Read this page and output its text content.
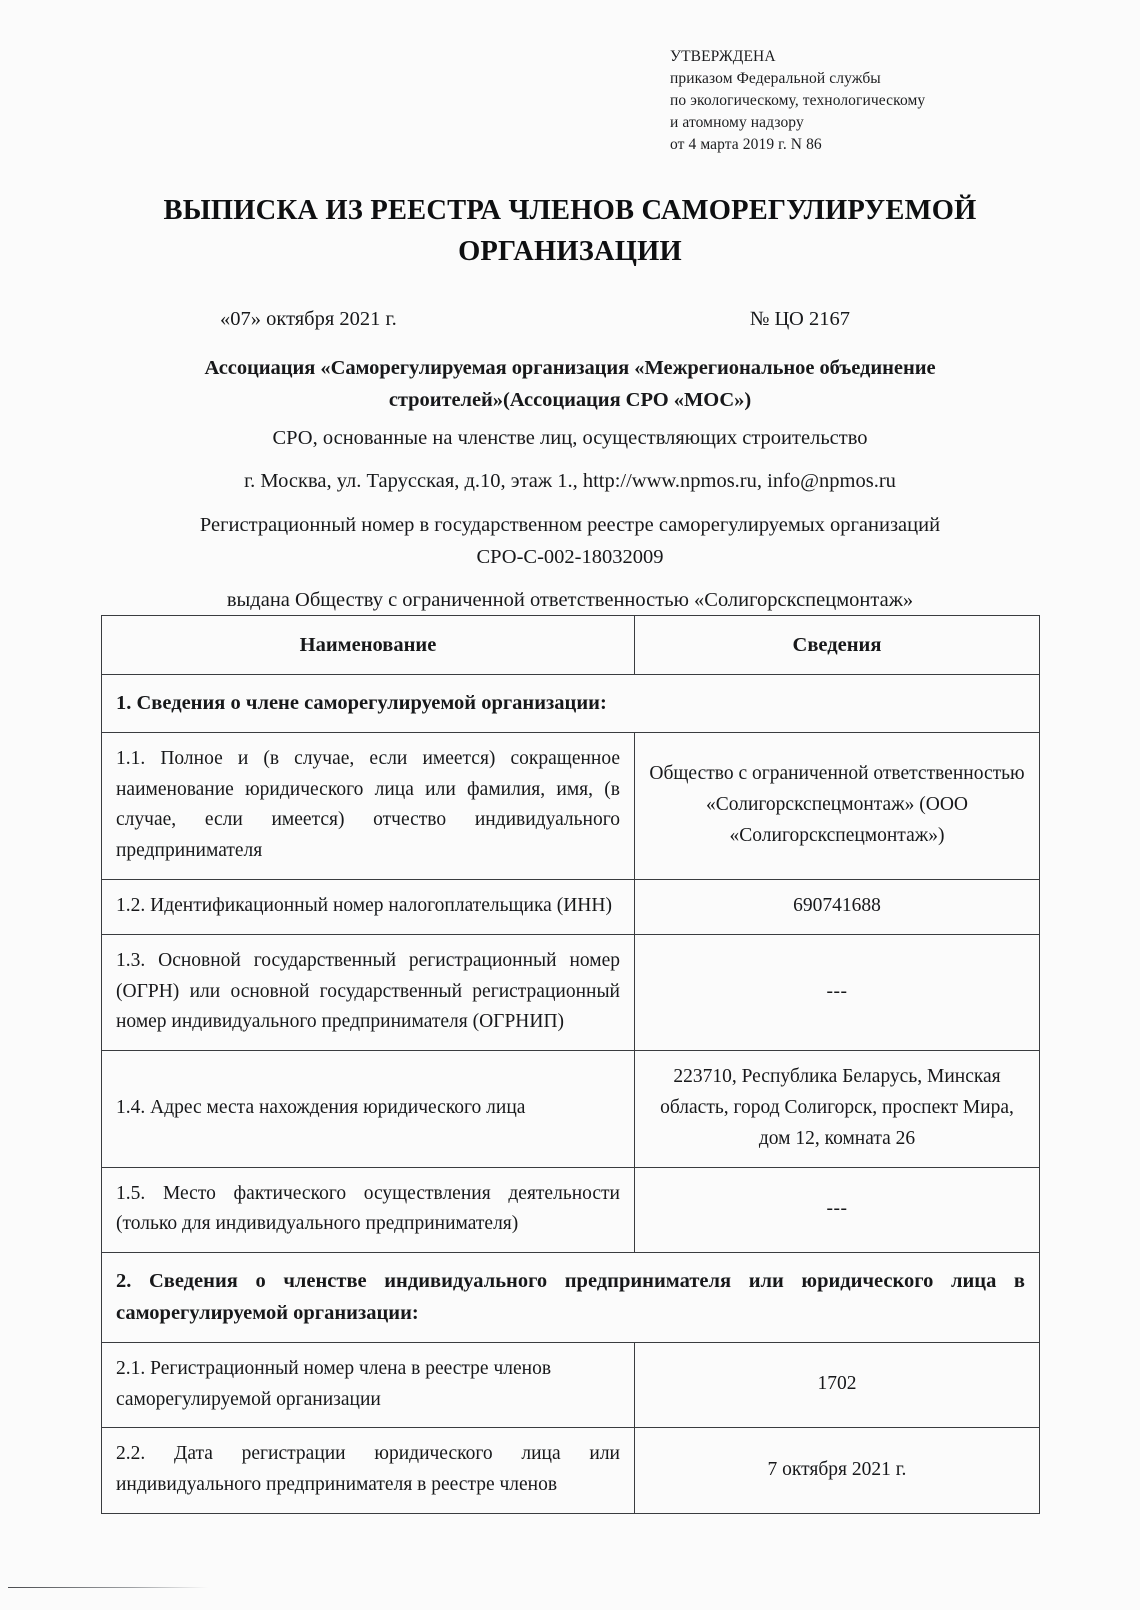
УТВЕРЖДЕНА
приказом Федеральной службы
по экологическому, технологическому
и атомному надзору
от 4 марта 2019 г. N 86
ВЫПИСКА ИЗ РЕЕСТРА ЧЛЕНОВ САМОРЕГУЛИРУЕМОЙ ОРГАНИЗАЦИИ
«07» октября 2021 г.	№ ЦО 2167
Ассоциация «Саморегулируемая организация «Межрегиональное объединение строителей»(Ассоциация СРО «МОС»)
СРО, основанные на членстве лиц, осуществляющих строительство
г. Москва, ул. Тарусская, д.10, этаж 1., http://www.npmos.ru, info@npmos.ru
Регистрационный номер в государственном реестре саморегулируемых организаций
СРО-С-002-18032009
выдана Обществу с ограниченной ответственностью «Солигорскспецмонтаж»
Наименование	Сведения
1. Сведения о члене саморегулируемой организации:	
1.1. Полное и (в случае, если имеется) сокращенное наименование юридического лица или фамилия, имя, (в случае, если имеется) отчество индивидуального предпринимателя	Общество с ограниченной ответственностью «Солигорскспецмонтаж» (ООО «Солигорскспецмонтаж»)
1.2. Идентификационный номер налогоплательщика (ИНН)	690741688
1.3. Основной государственный регистрационный номер (ОГРН) или основной государственный регистрационный номер индивидуального предпринимателя (ОГРНИП)	---
1.4. Адрес места нахождения юридического лица	223710, Республика Беларусь, Минская область, город Солигорск, проспект Мира, дом 12, комната 26
1.5. Место фактического осуществления деятельности (только для индивидуального предпринимателя)	---
2. Сведения о членстве индивидуального предпринимателя или юридического лица в саморегулируемой организации:	
2.1. Регистрационный номер члена в реестре членов саморегулируемой организации	1702
2.2. Дата регистрации юридического лица или индивидуального предпринимателя в реестре членов	7 октября 2021 г.
